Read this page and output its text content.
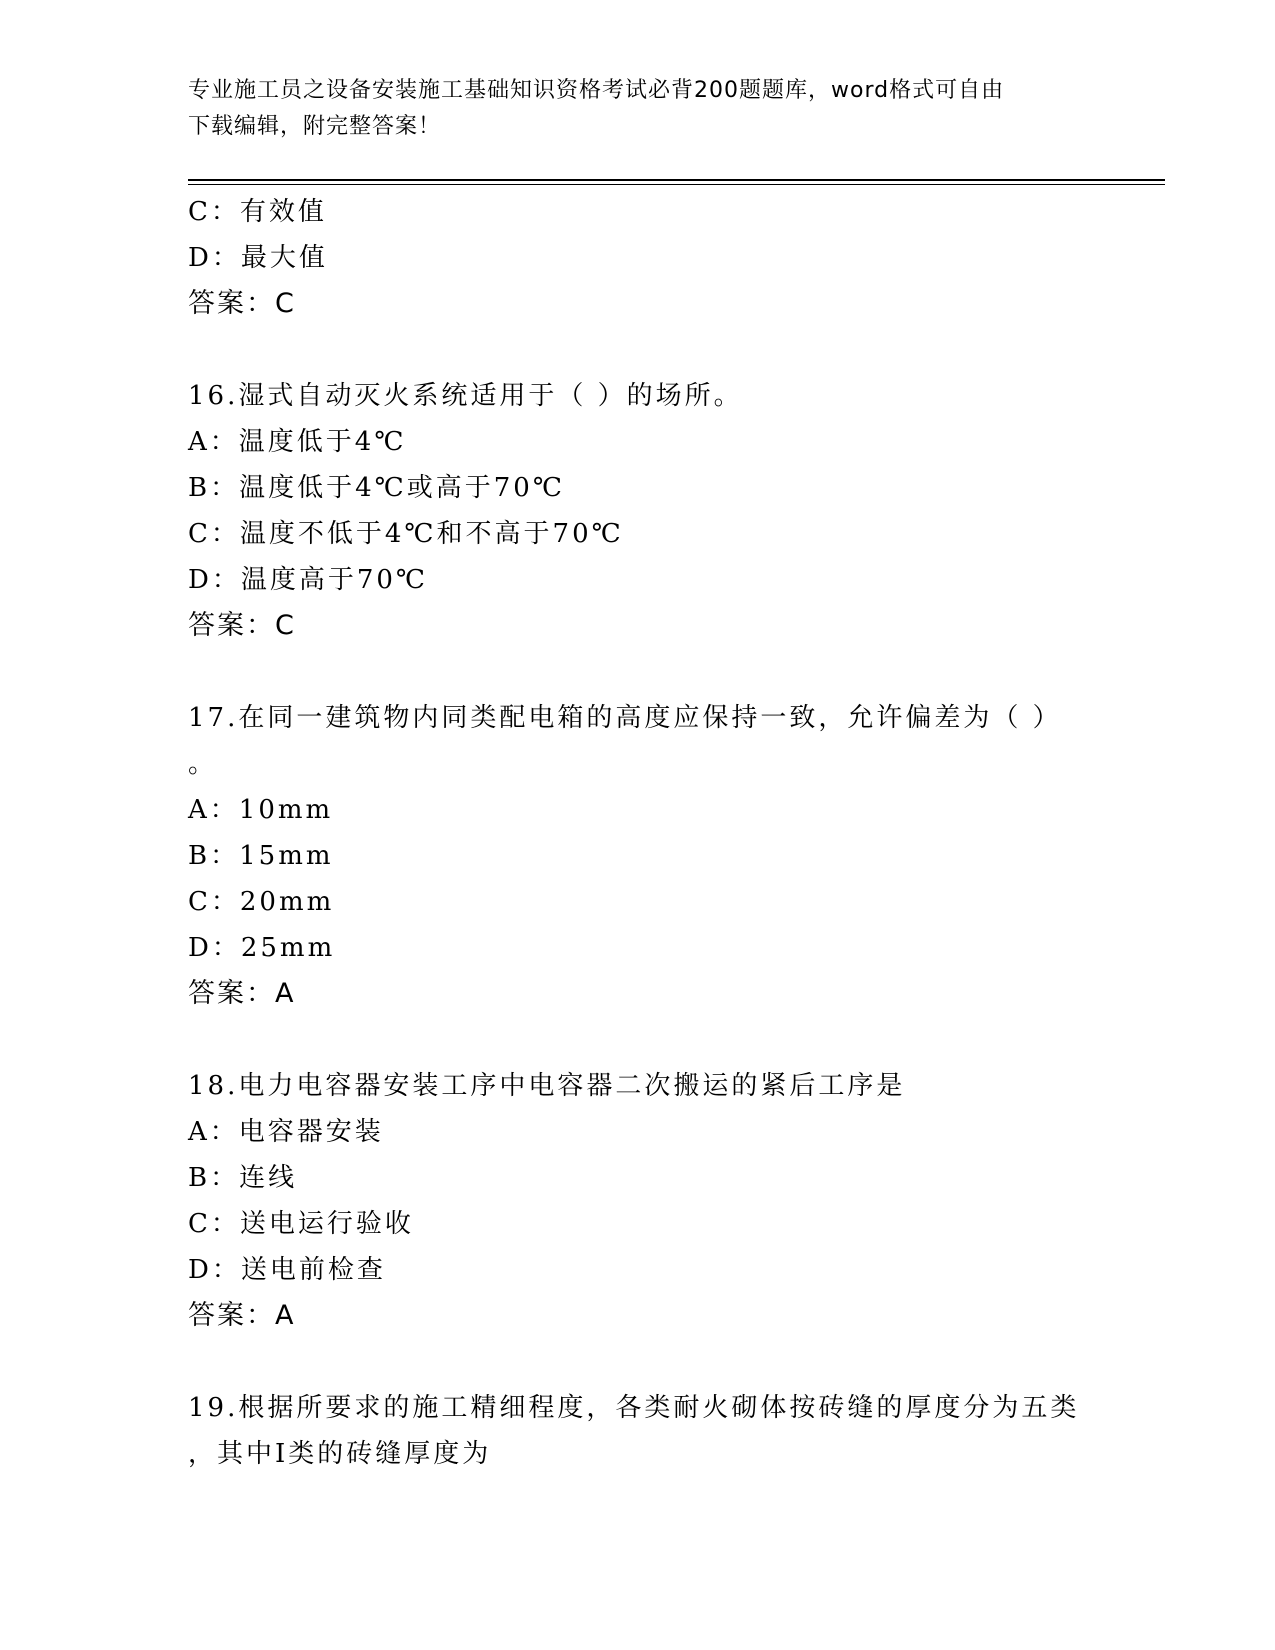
专业施工员之设备安装施工基础知识资格考试必背200题题库，word格式可自由
下载编辑，附完整答案！
C：有效值
D：最大值
答案：C
16.湿式自动灭火系统适用于（ ）的场所。
A：温度低于4℃
B：温度低于4℃或高于70℃
C：温度不低于4℃和不高于70℃
D：温度高于70℃
答案：C
17.在同一建筑物内同类配电箱的高度应保持一致，允许偏差为（ ）
。
A：10mm
B：15mm
C：20mm
D：25mm
答案：A
18.电力电容器安装工序中电容器二次搬运的紧后工序是
A：电容器安装
B：连线
C：送电运行验收
D：送电前检查
答案：A
19.根据所要求的施工精细程度，各类耐火砌体按砖缝的厚度分为五类
，其中Ⅰ类的砖缝厚度为
